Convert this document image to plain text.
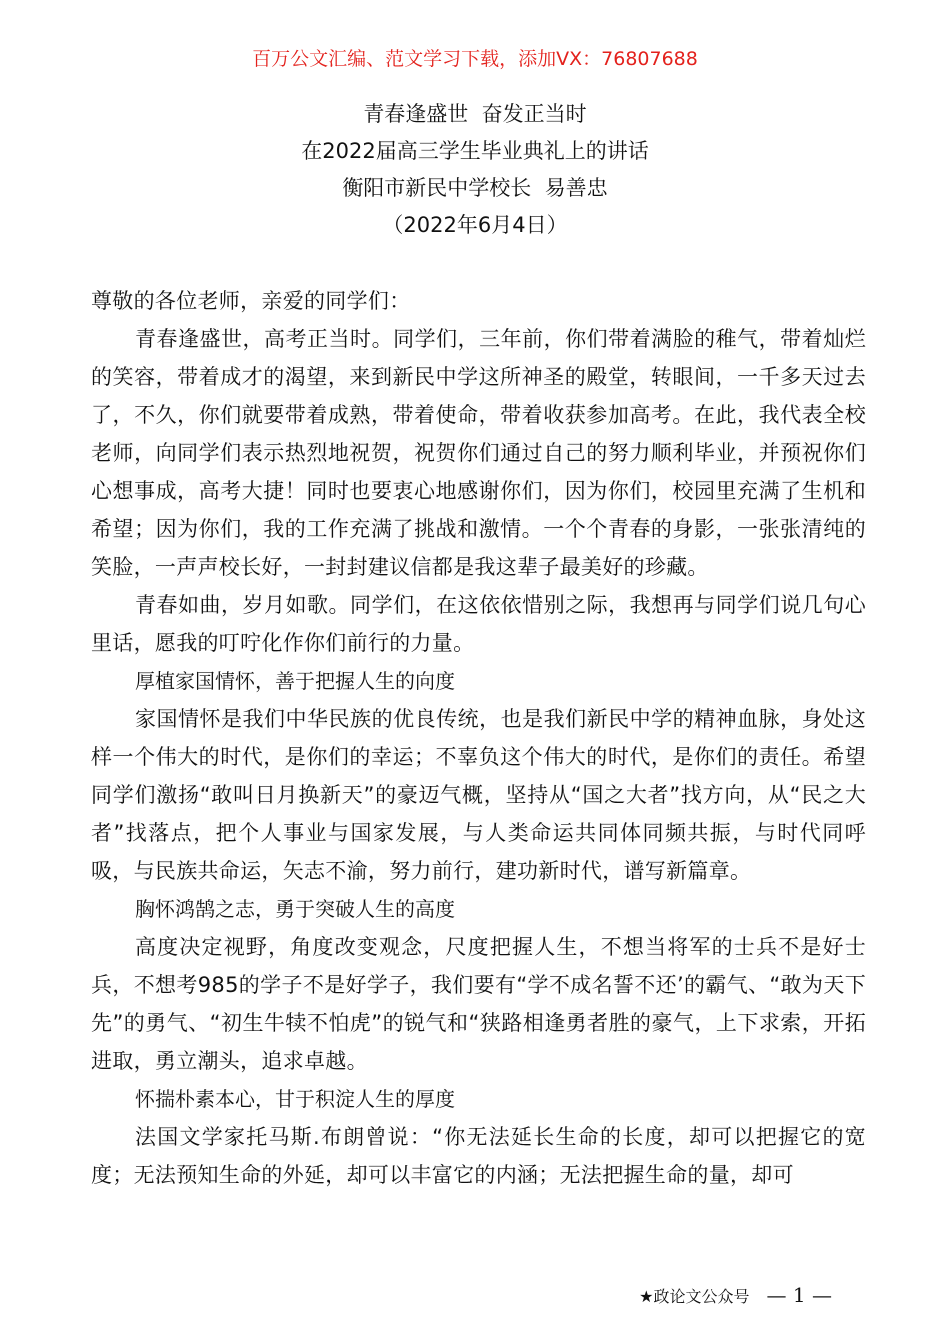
百万公文汇编、范文学习下载，添加VX：76807688
青春逢盛世  奋发正当时
在2022届高三学生毕业典礼上的讲话
衡阳市新民中学校长  易善忠
（2022年6月4日）

尊敬的各位老师，亲爱的同学们：

青春逢盛世，高考正当时。同学们，三年前，你们带着满脸的稚气，带着灿烂的笑容，带着成才的渴望，来到新民中学这所神圣的殿堂，转眼间，一千多天过去了，不久，你们就要带着成熟，带着使命，带着收获参加高考。在此，我代表全校老师，向同学们表示热烈地祝贺，祝贺你们通过自己的努力顺利毕业，并预祝你们心想事成，高考大捷！同时也要衷心地感谢你们，因为你们，校园里充满了生机和希望；因为你们，我的工作充满了挑战和激情。一个个青春的身影，一张张清纯的笑脸，一声声校长好，一封封建议信都是我这辈子最美好的珍藏。

青春如曲，岁月如歌。同学们，在这依依惜别之际，我想再与同学们说几句心里话，愿我的叮咛化作你们前行的力量。

厚植家国情怀，善于把握人生的向度

家国情怀是我们中华民族的优良传统，也是我们新民中学的精神血脉，身处这样一个伟大的时代，是你们的幸运；不辜负这个伟大的时代，是你们的责任。希望同学们激扬“敢叫日月换新天”的豪迈气概，坚持从“国之大者”找方向，从“民之大者”找落点，把个人事业与国家发展，与人类命运共同体同频共振，与时代同呼吸，与民族共命运，矢志不渝，努力前行，建功新时代，谱写新篇章。

胸怀鸿鹄之志，勇于突破人生的高度

高度决定视野，角度改变观念，尺度把握人生，不想当将军的士兵不是好士兵，不想考985的学子不是好学子，我们要有“学不成名誓不还’的霸气、“敢为天下先”的勇气、“初生牛犊不怕虎”的锐气和“狭路相逢勇者胜的豪气，上下求索，开拓进取，勇立潮头，追求卓越。

怀揣朴素本心，甘于积淀人生的厚度

法国文学家托马斯.布朗曾说：“你无法延长生命的长度，却可以把握它的宽度；无法预知生命的外延，却可以丰富它的内涵；无法把握生命的量，却可

★政论文公众号 — 1 —
